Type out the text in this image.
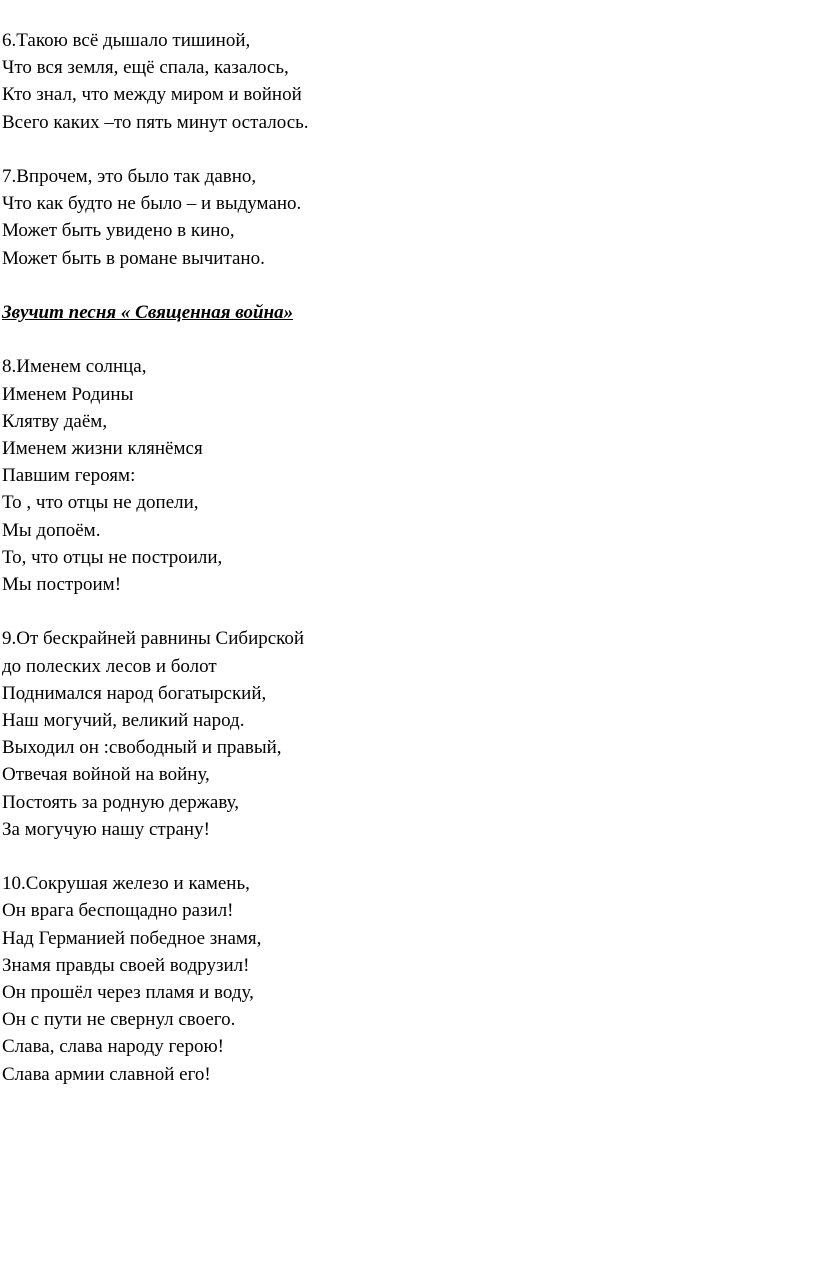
6.Такою всё дышало тишиной,
Что вся земля, ещё спала, казалось,
Кто знал, что между миром и войной
Всего каких –то пять минут осталось.
7.Впрочем, это было так давно,
Что как будто не было – и выдумано.
Может быть увидено в кино,
Может быть в романе вычитано.
Звучит песня « Священная война»
8.Именем солнца,
Именем Родины
Клятву даём,
Именем жизни клянёмся
Павшим героям:
То , что отцы не допели,
Мы допоём.
То, что отцы не построили,
Мы построим!
9.От бескрайней равнины Сибирской
до полеских лесов и болот
Поднимался народ богатырский,
Наш могучий, великий народ.
Выходил он :свободный и правый,
Отвечая войной на войну,
Постоять за родную державу,
За могучую нашу страну!
10.Сокрушая железо и камень,
Он врага беспощадно разил!
Над Германией победное знамя,
Знамя правды своей водрузил!
Он прошёл через пламя и воду,
Он с пути не свернул своего.
Слава, слава народу герою!
Слава армии славной его!
